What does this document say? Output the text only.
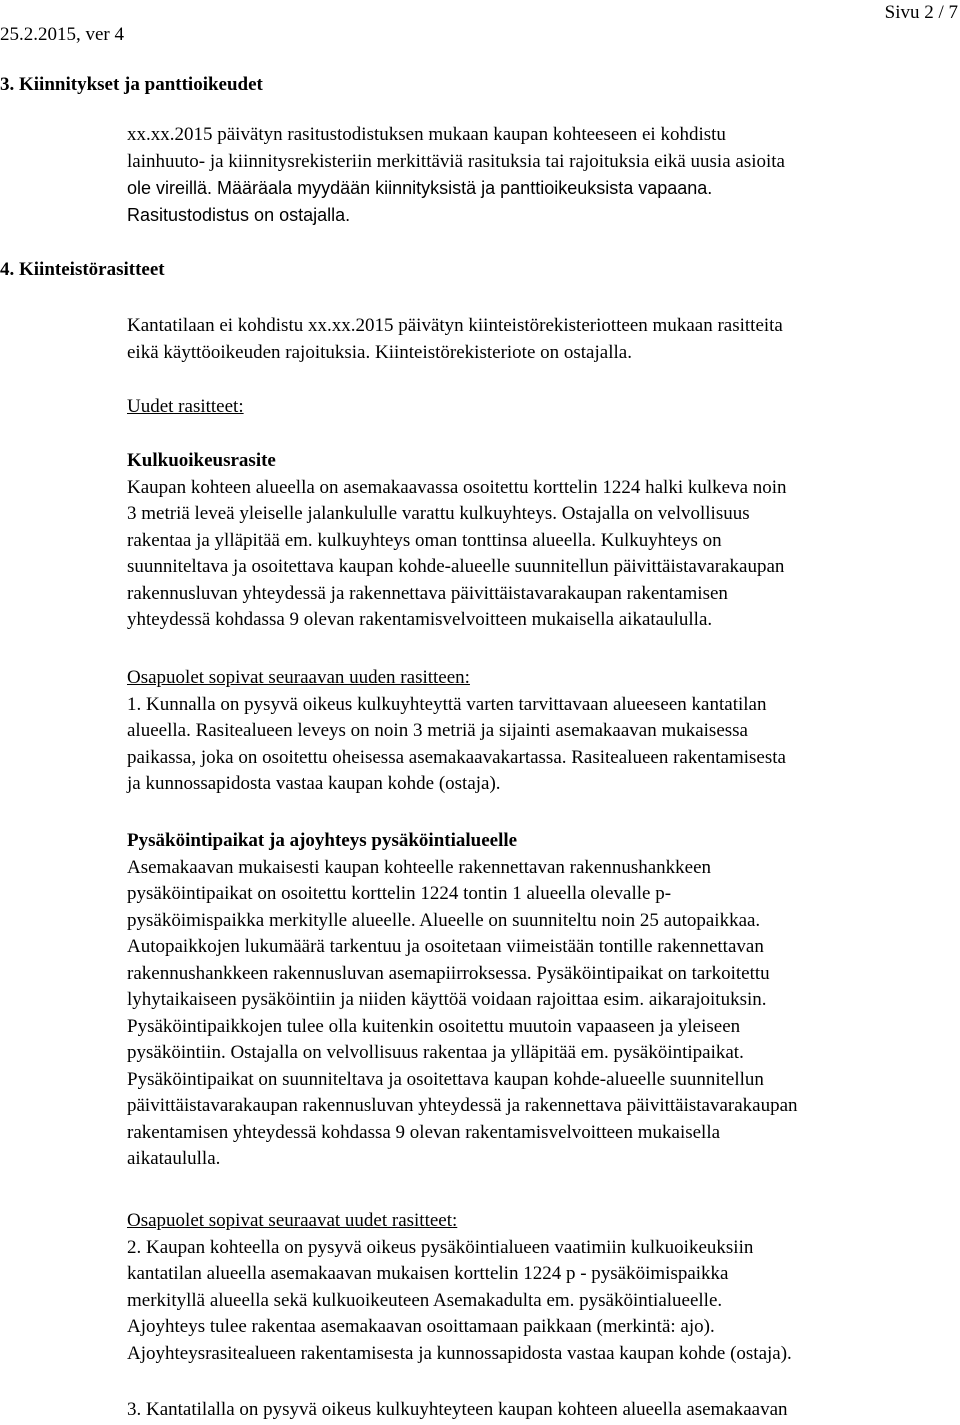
Sivu 2 / 7
25.2.2015, ver 4
3. Kiinnitykset ja panttioikeudet
xx.xx.2015 päivätyn rasitustodistuksen mukaan kaupan kohteeseen ei kohdistu
lainhuuto- ja kiinnitysrekisteriin merkittäviä rasituksia tai rajoituksia eikä uusia asioita
ole vireillä. Määräala myydään kiinnityksistä ja panttioikeuksista vapaana.
Rasitustodistus on ostajalla.
4. Kiinteistörasitteet
Kantatilaan ei kohdistu xx.xx.2015 päivätyn kiinteistörekisteriotteen mukaan rasitteita
eikä käyttöoikeuden rajoituksia. Kiinteistörekisteriote on ostajalla.
Uudet rasitteet:
Kulkuoikeusrasite
Kaupan kohteen alueella on asemakaavassa osoitettu korttelin 1224 halki kulkeva noin
3 metriä leveä yleiselle jalankululle varattu kulkuyhteys. Ostajalla on velvollisuus
rakentaa ja ylläpitää em. kulkuyhteys oman tonttinsa alueella. Kulkuyhteys on
suunniteltava ja osoitettava kaupan kohde-alueelle suunnitellun päivittäistavarakaupan
rakennusluvan yhteydessä ja rakennettava päivittäistavarakaupan rakentamisen
yhteydessä kohdassa 9 olevan rakentamisvelvoitteen mukaisella aikataululla.
Osapuolet sopivat seuraavan uuden rasitteen:
1. Kunnalla on pysyvä oikeus kulkuyhteyttä varten tarvittavaan alueeseen kantatilan
alueella. Rasitealueen leveys on noin 3 metriä ja sijainti asemakaavan mukaisessa
paikassa, joka on osoitettu oheisessa asemakaavakartassa. Rasitealueen rakentamisesta
ja kunnossapidosta vastaa kaupan kohde (ostaja).
Pysäköintipaikat ja ajoyhteys pysäköintialueelle
Asemakaavan mukaisesti kaupan kohteelle rakennettavan rakennushankkeen
pysäköintipaikat on osoitettu korttelin 1224 tontin 1 alueella olevalle p-
pysäköimispaikka merkitylle alueelle. Alueelle on suunniteltu noin 25 autopaikkaa.
Autopaikkojen lukumäärä tarkentuu ja osoitetaan viimeistään tontille rakennettavan
rakennushankkeen rakennusluvan asemapiirroksessa. Pysäköintipaikat on tarkoitettu
lyhytaikaiseen pysäköintiin ja niiden käyttöä voidaan rajoittaa esim. aikarajoituksin.
Pysäköintipaikkojen tulee olla kuitenkin osoitettu muutoin vapaaseen ja yleiseen
pysäköintiin. Ostajalla on velvollisuus rakentaa ja ylläpitää em. pysäköintipaikat.
Pysäköintipaikat on suunniteltava ja osoitettava kaupan kohde-alueelle suunnitellun
päivittäistavarakaupan rakennusluvan yhteydessä ja rakennettava päivittäistavarakaupan
rakentamisen yhteydessä kohdassa 9 olevan rakentamisvelvoitteen mukaisella
aikataululla.
Osapuolet sopivat seuraavat uudet rasitteet:
2. Kaupan kohteella on pysyvä oikeus pysäköintialueen vaatimiin kulkuoikeuksiin
kantatilan alueella asemakaavan mukaisen korttelin 1224 p - pysäköimispaikka
merkityllä alueella sekä kulkuoikeuteen Asemakadulta em. pysäköintialueelle.
Ajoyhteys tulee rakentaa asemakaavan osoittamaan paikkaan (merkintä: ajo).
Ajoyhteysrasitealueen rakentamisesta ja kunnossapidosta vastaa kaupan kohde (ostaja).
3. Kantatilalla on pysyvä oikeus kulkuyhteyteen kaupan kohteen alueella asemakaavan
